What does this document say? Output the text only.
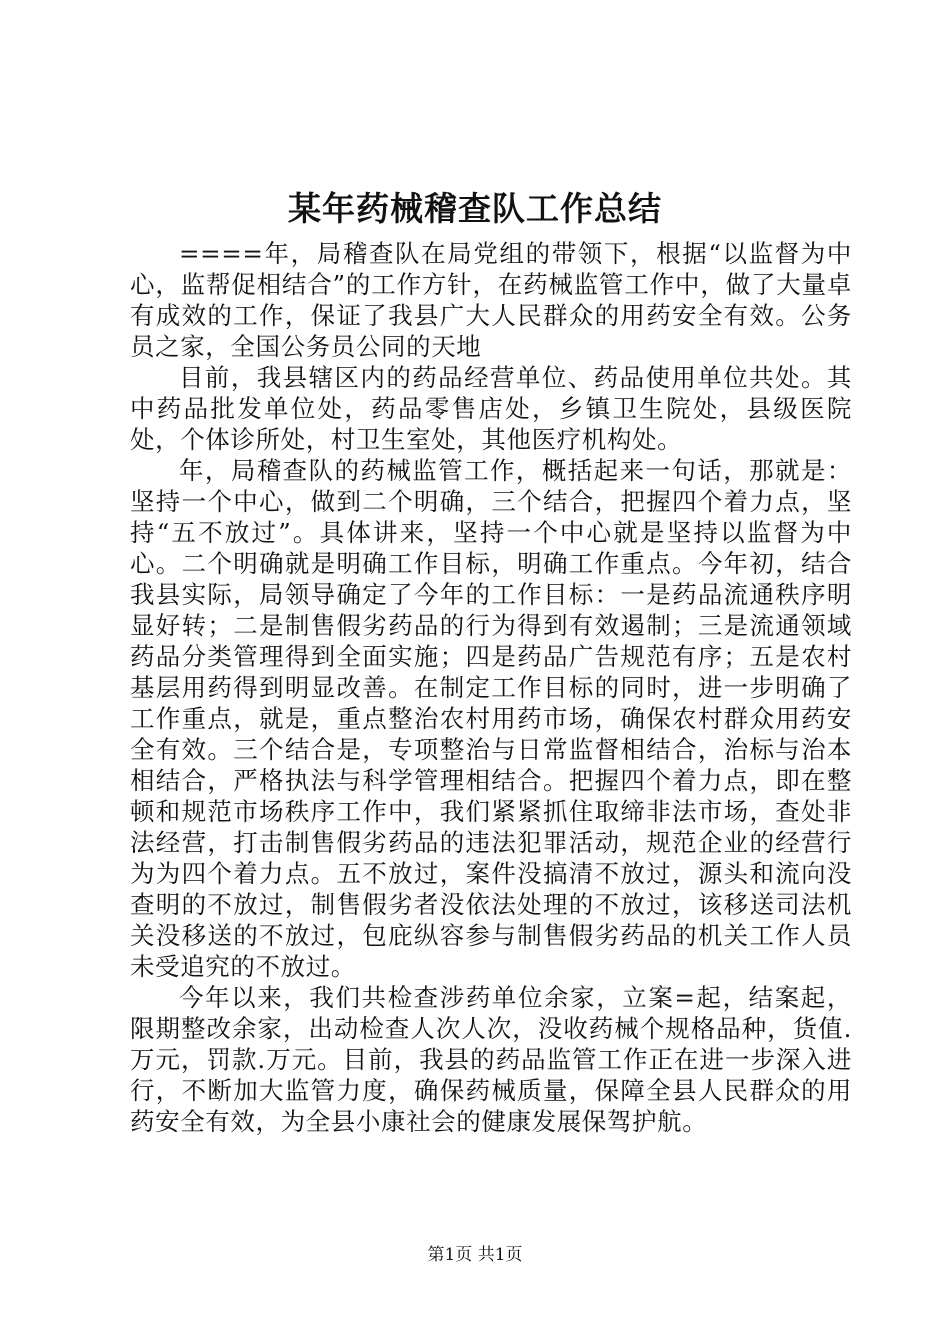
某年药械稽查队工作总结

====年，局稽查队在局党组的带领下，根据“以监督为中心，监帮促相结合”的工作方针，在药械监管工作中，做了大量卓有成效的工作，保证了我县广大人民群众的用药安全有效。公务员之家，全国公务员公同的天地

目前，我县辖区内的药品经营单位、药品使用单位共处。其中药品批发单位处，药品零售店处，乡镇卫生院处，县级医院处，个体诊所处，村卫生室处，其他医疗机构处。

年，局稽查队的药械监管工作，概括起来一句话，那就是：坚持一个中心，做到二个明确，三个结合，把握四个着力点，坚持“五不放过”。具体讲来，坚持一个中心就是坚持以监督为中心。二个明确就是明确工作目标，明确工作重点。今年初，结合我县实际，局领导确定了今年的工作目标：一是药品流通秩序明显好转；二是制售假劣药品的行为得到有效遏制；三是流通领域药品分类管理得到全面实施；四是药品广告规范有序；五是农村基层用药得到明显改善。在制定工作目标的同时，进一步明确了工作重点，就是，重点整治农村用药市场，确保农村群众用药安全有效。三个结合是，专项整治与日常监督相结合，治标与治本相结合，严格执法与科学管理相结合。把握四个着力点，即在整顿和规范市场秩序工作中，我们紧紧抓住取缔非法市场，查处非法经营，打击制售假劣药品的违法犯罪活动，规范企业的经营行为为四个着力点。五不放过，案件没搞清不放过，源头和流向没查明的不放过，制售假劣者没依法处理的不放过，该移送司法机关没移送的不放过，包庇纵容参与制售假劣药品的机关工作人员未受追究的不放过。

今年以来，我们共检查涉药单位余家，立案=起，结案起，限期整改余家，出动检查人次人次，没收药械个规格品种，货值.万元，罚款.万元。目前，我县的药品监管工作正在进一步深入进行，不断加大监管力度，确保药械质量，保障全县人民群众的用药安全有效，为全县小康社会的健康发展保驾护航。

第1页 共1页
